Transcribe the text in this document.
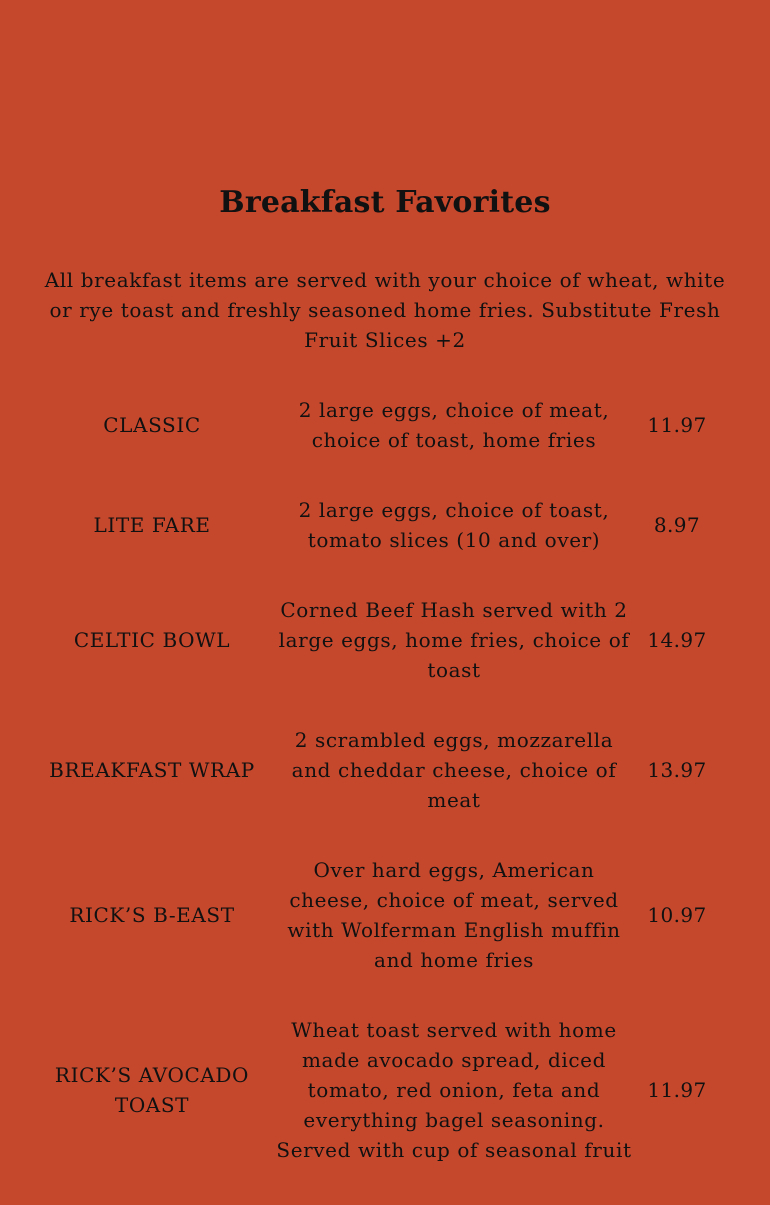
Breakfast Favorites
All breakfast items are served with your choice of wheat, white or rye toast and freshly seasoned home fries. Substitute Fresh Fruit Slices +2
CLASSIC
2 large eggs, choice of meat, choice of toast, home fries
11.97
LITE FARE
2 large eggs, choice of toast, tomato slices (10 and over)
8.97
CELTIC BOWL
Corned Beef Hash served with 2 large eggs, home fries, choice of toast
14.97
BREAKFAST WRAP
2 scrambled eggs, mozzarella and cheddar cheese, choice of meat
13.97
RICK’S B-EAST
Over hard eggs, American cheese, choice of meat, served with Wolferman English muffin and home fries
10.97
RICK’S AVOCADO TOAST
Wheat toast served with home made avocado spread, diced tomato, red onion, feta and everything bagel seasoning. Served with cup of seasonal fruit
11.97
